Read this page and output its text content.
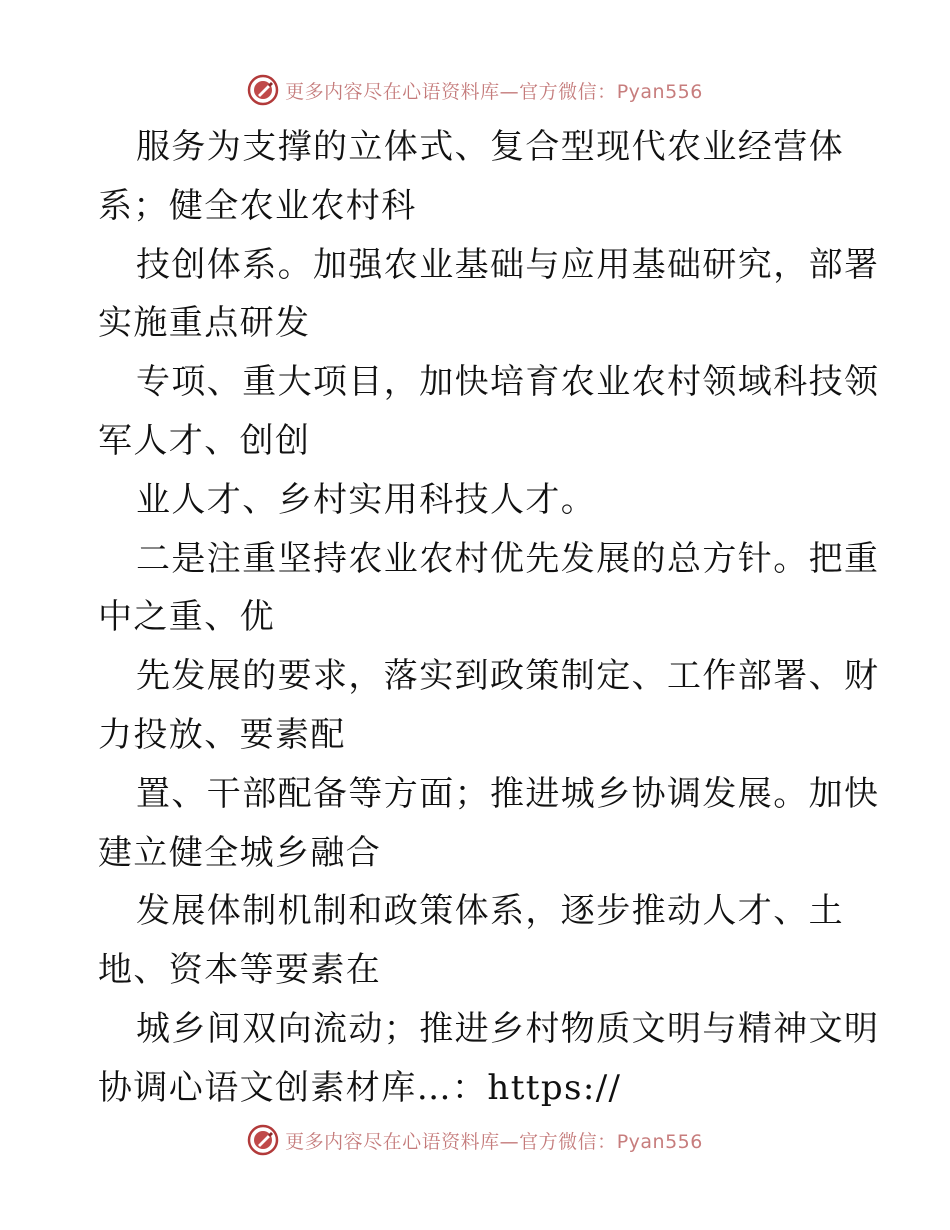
更多内容尽在心语资料库—官方微信：Pyan556
服务为支撑的立体式、复合型现代农业经营体
系；健全农业农村科
技创体系。加强农业基础与应用基础研究，部署
实施重点研发
专项、重大项目，加快培育农业农村领域科技领
军人才、创创
业人才、乡村实用科技人才。
二是注重坚持农业农村优先发展的总方针。把重
中之重、优
先发展的要求，落实到政策制定、工作部署、财
力投放、要素配
置、干部配备等方面；推进城乡协调发展。加快
建立健全城乡融合
发展体制机制和政策体系，逐步推动人才、土
地、资本等要素在
城乡间双向流动；推进乡村物质文明与精神文明
协调心语文创素材库…：https://
更多内容尽在心语资料库—官方微信：Pyan556
